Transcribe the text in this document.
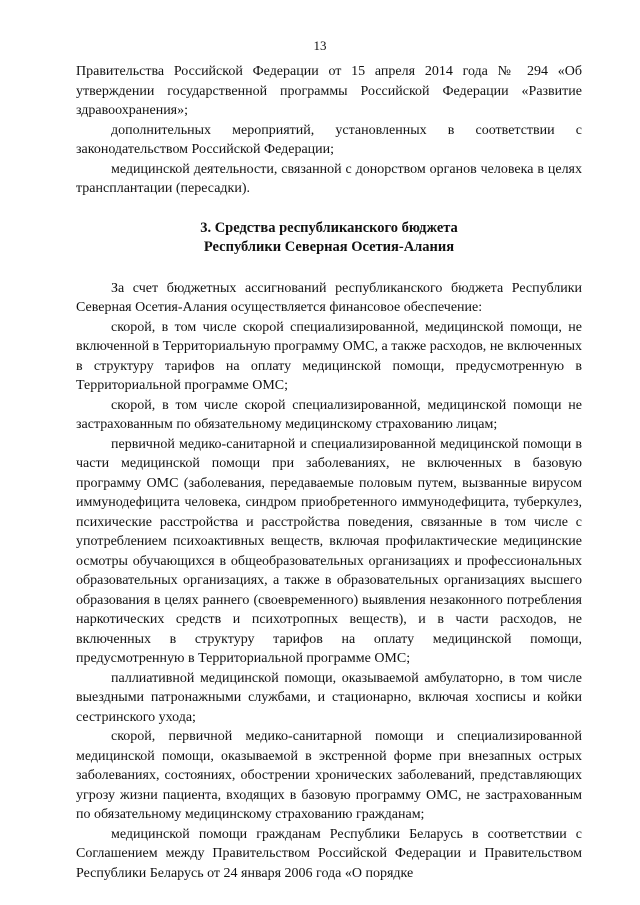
13

Правительства Российской Федерации от 15 апреля 2014 года № 294 «Об утверждении государственной программы Российской Федерации «Развитие здравоохранения»;

дополнительных мероприятий, установленных в соответствии с законодательством Российской Федерации;

медицинской деятельности, связанной с донорством органов человека в целях трансплантации (пересадки).

3. Средства республиканского бюджета
Республики Северная Осетия-Алания

За счет бюджетных ассигнований республиканского бюджета Республики Северная Осетия-Алания осуществляется финансовое обеспечение:

скорой, в том числе скорой специализированной, медицинской помощи, не включенной в Территориальную программу ОМС, а также расходов, не включенных в структуру тарифов на оплату медицинской помощи, предусмотренную в Территориальной программе ОМС;

скорой, в том числе скорой специализированной, медицинской помощи не застрахованным по обязательному медицинскому страхованию лицам;

первичной медико-санитарной и специализированной медицинской помощи в части медицинской помощи при заболеваниях, не включенных в базовую программу ОМС (заболевания, передаваемые половым путем, вызванные вирусом иммунодефицита человека, синдром приобретенного иммунодефицита, туберкулез, психические расстройства и расстройства поведения, связанные в том числе с употреблением психоактивных веществ, включая профилактические медицинские осмотры обучающихся в общеобразовательных организациях и профессиональных образовательных организациях, а также в образовательных организациях высшего образования в целях раннего (своевременного) выявления незаконного потребления наркотических средств и психотропных веществ), и в части расходов, не включенных в структуру тарифов на оплату медицинской помощи, предусмотренную в Территориальной программе ОМС;

паллиативной медицинской помощи, оказываемой амбулаторно, в том числе выездными патронажными службами, и стационарно, включая хосписы и койки сестринского ухода;

скорой, первичной медико-санитарной помощи и специализированной медицинской помощи, оказываемой в экстренной форме при внезапных острых заболеваниях, состояниях, обострении хронических заболеваний, представляющих угрозу жизни пациента, входящих в базовую программу ОМС, не застрахованным по обязательному медицинскому страхованию гражданам;

медицинской помощи гражданам Республики Беларусь в соответствии с Соглашением между Правительством Российской Федерации и Правительством Республики Беларусь от 24 января 2006 года «О порядке
